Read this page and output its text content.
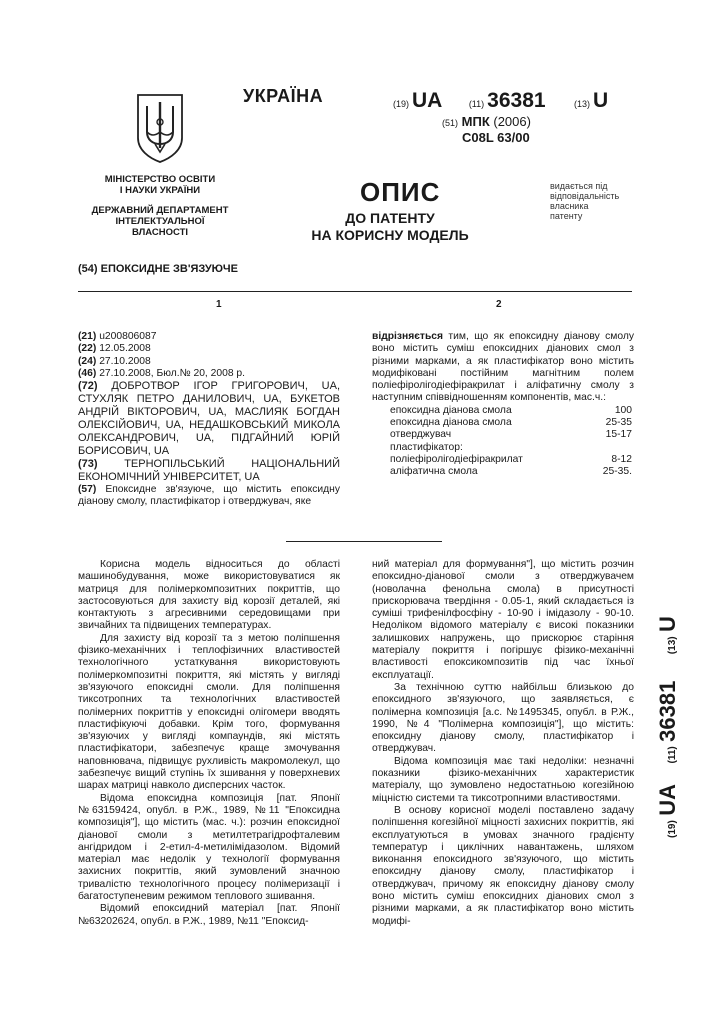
МІНІСТЕРСТВО ОСВІТИ
І НАУКИ УКРАЇНИ
ДЕРЖАВНИЙ ДЕПАРТАМЕНТ
ІНТЕЛЕКТУАЛЬНОЇ
ВЛАСНОСТІ
УКРАЇНА	(19) UA	(11) 36381	(13) U
(51) МПК (2006)
C08L 63/00
ОПИС
ДО ПАТЕНТУ
НА КОРИСНУ МОДЕЛЬ
видається під
відповідальність
власника
патенту
(54) ЕПОКСИДНЕ ЗВ'ЯЗУЮЧЕ
1	2

(21) u200806087

(22) 12.05.2008

(24) 27.10.2008

(46) 27.10.2008, Бюл.№ 20, 2008 р.

(72) ДОБРОТВОР ІГОР ГРИГОРОВИЧ, UA, СТУХЛЯК ПЕТРО ДАНИЛОВИЧ, UA, БУКЕТОВ АНДРІЙ ВІКТОРОВИЧ, UA, МАСЛИЯК БОГДАН ОЛЕКСІЙОВИЧ, UA, НЕДАШКОВСЬКИЙ МИКОЛА ОЛЕКСАНДРОВИЧ, UA, ПІДГАЙНИЙ ЮРІЙ БОРИСОВИЧ, UA

(73) ТЕРНОПІЛЬСЬКИЙ НАЦІОНАЛЬНИЙ ЕКОНОМІЧНИЙ УНІВЕРСИТЕТ, UA

(57) Епоксидне зв'язуюче, що містить епоксидну діанову смолу, пластифікатор і отверджувач, яке

відрізняється тим, що як епоксидну діанову смолу воно містить суміш епоксидних діанових смол з різними марками, а як пластифікатор воно містить модифіковані постійним магнітним полем поліефіролігодіефіракрилат і аліфатичну смолу з наступним співвідношенням компонентів, мас.ч.:

епоксидна діанова смола	100
епоксидна діанова смола	25-35
отверджувач	15-17
пластифікатор:
поліефіролігодіефіракрилат	8-12
аліфатична смола	25-35.

Корисна модель відноситься до області машинобудування, може використовуватися як матриця для полімеркомпозитних покриттів, що застосовуються для захисту від корозії деталей, які контактують з агресивними середовищами при звичайних та підвищених температурах.

Для захисту від корозії та з метою поліпшення фізико-механічних і теплофізичних властивостей технологічного устаткування використовують полімеркомпозитні покриття, які містять у вигляді зв'язуючого епоксидні смоли. Для поліпшення тиксотропних та технологічних властивостей полімерних покриттів у епоксидні олігомери вводять пластифікуючі добавки. Крім того, формування зв'язуючих у вигляді компаундів, які містять пластифікатори, забезпечує краще змочування наповнювача, підвищує рухливість макромолекул, що забезпечує вищий ступінь їх зшивання у поверхневих шарах матриці навколо дисперсних часток.

Відома епоксидна композиція [пат. Японії №63159424, опубл. в Р.Ж., 1989, №11 "Епоксидна композиція"], що містить (мас. ч.): розчин епоксидної діанової смоли з метилтетрагідрофталевим ангідридом і 2-етил-4-метилімідазолом. Відомий матеріал має недолік у технології формування захисних покриттів, який зумовлений значною тривалістю технологічного процесу полімеризації і багатоступеневим режимом теплового зшивання.

Відомий епоксидний матеріал [пат. Японії №63202624, опубл. в Р.Ж., 1989, №11 "Епоксид-

ний матеріал для формування"], що містить розчин епоксидно-діанової смоли з отверджувачем (новолачна фенольна смола) в присутності прискорювача твердіння - 0.05-1, який складається із суміші трифенілфосфіну - 10-90 і імідазолу - 90-10. Недоліком відомого матеріалу є високі показники залишкових напружень, що прискорює старіння матеріалу покриття і погіршує фізико-механічні властивості епоксикомпозитів під час їхньої експлуатації.

За технічною суттю найбільш близькою до епоксидного зв'язуючого, що заявляється, є полімерна композиція [а.с. №1495345, опубл. в Р.Ж., 1990, №4 "Полімерна композиція"], що містить: епоксидну діанову смолу, пластифікатор і отверджувач.

Відома композиція має такі недоліки: незначні показники фізико-механічних характеристик матеріалу, що зумовлено недостатньою когезійною міцністю системи та тиксотропними властивостями.

В основу корисної моделі поставлено задачу поліпшення когезійної міцності захисних покриттів, які експлуатуються в умовах значного градієнту температур і циклічних навантажень, шляхом виконання епоксидного зв'язуючого, що містить епоксидну діанову смолу, пластифікатор і отверджувач, причому як епоксидну діанову смолу воно містить суміш епоксидних діанових смол з різними марками, а як пластифікатор воно містить модифі-

(19) UA (11) 36381 (13) U
